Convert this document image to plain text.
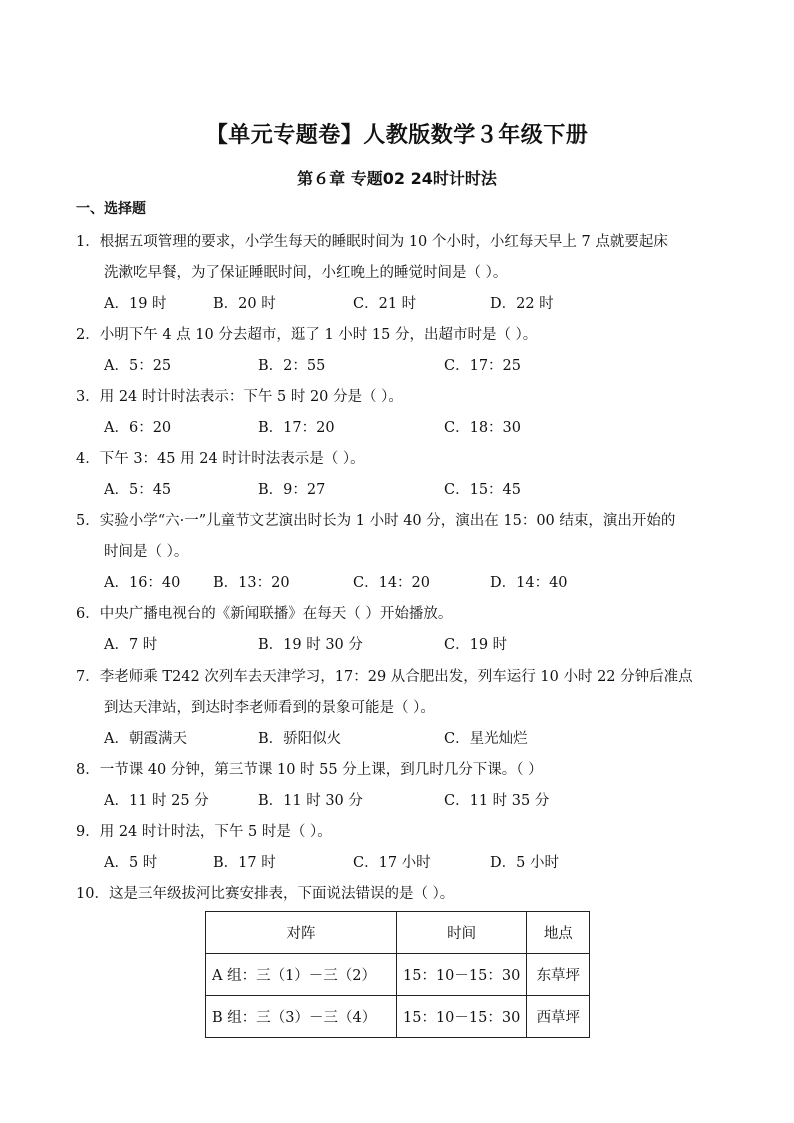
【单元专题卷】人教版数学３年级下册
第６章 专题02 24时计时法
一、选择题
1．根据五项管理的要求，小学生每天的睡眠时间为 10 个小时，小红每天早上 7 点就要起床
洗漱吃早餐，为了保证睡眠时间，小红晚上的睡觉时间是（ ）。
A．19 时	B．20 时	C．21 时	D．22 时
2．小明下午 4 点 10 分去超市，逛了 1 小时 15 分，出超市时是（ ）。
A．5：25	B．2：55	C．17：25
3．用 24 时计时法表示：下午 5 时 20 分是（ ）。
A．6：20	B．17：20	C．18：30
4．下午 3：45 用 24 时计时法表示是（ ）。
A．5：45	B．9：27	C．15：45
5．实验小学“六·一”儿童节文艺演出时长为 1 小时 40 分，演出在 15：00 结束，演出开始的
时间是（ ）。
A．16：40 B．13：20	C．14：20	D．14：40
6．中央广播电视台的《新闻联播》在每天（ ）开始播放。
A．7 时	B．19 时 30 分	C．19 时
7．李老师乘 T242 次列车去天津学习，17：29 从合肥出发，列车运行 10 小时 22 分钟后准点
到达天津站，到达时李老师看到的景象可能是（ ）。
A．朝霞满天	B．骄阳似火	C．星光灿烂
8．一节课 40 分钟，第三节课 10 时 55 分上课，到几时几分下课。（ ）
A．11 时 25 分	B．11 时 30 分	C．11 时 35 分
9．用 24 时计时法，下午 5 时是（ ）。
A．5 时	B．17 时	C．17 小时	D．5 小时
10．这是三年级拔河比赛安排表，下面说法错误的是（ ）。
对阵	时间	地点
A 组：三（1）－三（2）	15：10－15：30	东草坪
B 组：三（3）－三（4）	15：10－15：30	西草坪
